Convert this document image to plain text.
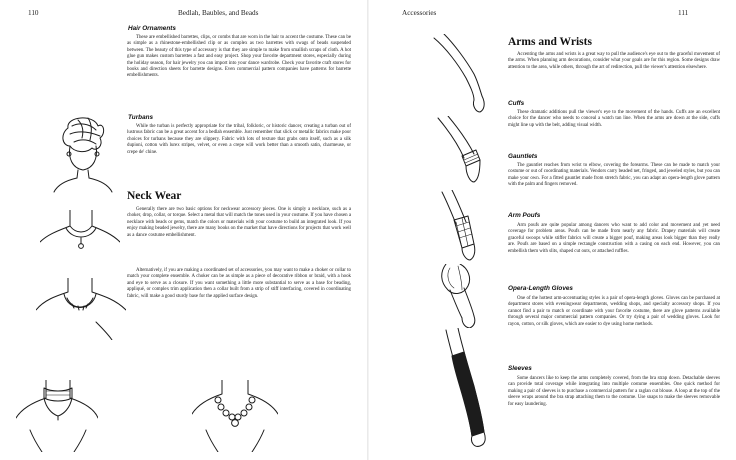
110	Bedlah, Baubles, and Beads
Hair Ornaments

These are embellished barrettes, clips, or combs that are worn in the hair to accent the costume. These can be as simple as a rhinestone-embellished clip or as complex as two barrettes with swags of beads suspended between. The beauty of this type of accessory is that they are simple to make from smallish scraps of cloth. A hot glue gun makes custom barrettes a fast and easy project. Shop your favorite department stores, especially during the holiday season, for hair jewelry you can import into your dance wardrobe. Check your favorite craft stores for books and direction sheets for barrette designs. Even commercial pattern companies have patterns for barrette embellishments.

Turbans

While the turban is perfectly appropriate for the tribal, folkloric, or historic dancer, creating a turban out of lustrous fabric can be a great accent for a bedlah ensemble. Just remember that slick or metallic fabrics make poor choices for turbans because they are slippery. Fabric with lots of texture that grabs onto itself, such as a silk dupioni, cotton with lurex stripes, velvet, or even a crepe will work better than a smooth satin, charmeuse, or crepe de' chine.

Neck Wear

Generally there are two basic options for neckwear accessory pieces. One is simply a necklace, such as a choker, drop, collar, or torque. Select a metal that will match the tones used in your costume. If you have chosen a necklace with beads or gems, match the colors or materials with your costume to build an integrated look. If you enjoy making beaded jewelry, there are many books on the market that have directions for projects that work well as a dance costume embellishment.

Alternatively, if you are making a coordinated set of accessories, you may want to make a choker or collar to match your complete ensemble. A choker can be as simple as a piece of decorative ribbon or braid, with a hook and eye to serve as a closure. If you want something a little more substantial to serve as a base for beading, appliqué, or complex trim application then a collar built from a strip of stiff interfacing, covered in coordinating fabric, will make a good sturdy base for the applied surface design.

Accessories	111
Arms and Wrists

Accenting the arms and wrists is a great way to pull the audience's eye out to the graceful movement of the arms. When planning arm decorations, consider what your goals are for this region. Some designs draw attention to the area, while others, through the art of redirection, pull the viewer's attention elsewhere.

Cuffs

These dramatic additions pull the viewer's eye to the movement of the hands. Cuffs are an excellent choice for the dancer who needs to conceal a watch tan line. When the arms are down at the side, cuffs might line up with the belt, adding visual width.

Gauntlets

The gauntlet reaches from wrist to elbow, covering the forearms. These can be made to match your costume or out of coordinating materials. Vendors carry beaded net, fringed, and jeweled styles, but you can make your own. For a fitted gauntlet made from stretch fabric, you can adapt an opera-length glove pattern with the palm and fingers removed.

Arm Poufs

Arm poufs are quite popular among dancers who want to add color and movement and yet need coverage for problem areas. Poufs can be made from nearly any fabric. Drapey materials will create graceful swoops while stiffer fabrics will create a bigger pouf, making areas look bigger than they really are. Poufs are based on a simple rectangle construction with a casing on each end. However, you can embellish them with slits, shaped cut outs, or attached ruffles.

Opera-Length Gloves

One of the hottest arm-accentuating styles is a pair of opera-length gloves. Gloves can be purchased at department stores with eveningwear departments, wedding shops, and specialty accessory shops. If you cannot find a pair to match or coordinate with your favorite costume, there are glove patterns available through several major commercial pattern companies. Or try dying a pair of wedding gloves. Look for rayon, cotton, or silk gloves, which are easier to dye using home methods.

Sleeves

Some dancers like to keep the arms completely covered, from the bra strap down. Detachable sleeves can provide total coverage while integrating into multiple costume ensembles. One quick method for making a pair of sleeves is to purchase a commercial pattern for a raglan cut blouse. A loop at the top of the sleeve wraps around the bra strap attaching them to the costume. Use snaps to make the sleeves removable for easy laundering.
